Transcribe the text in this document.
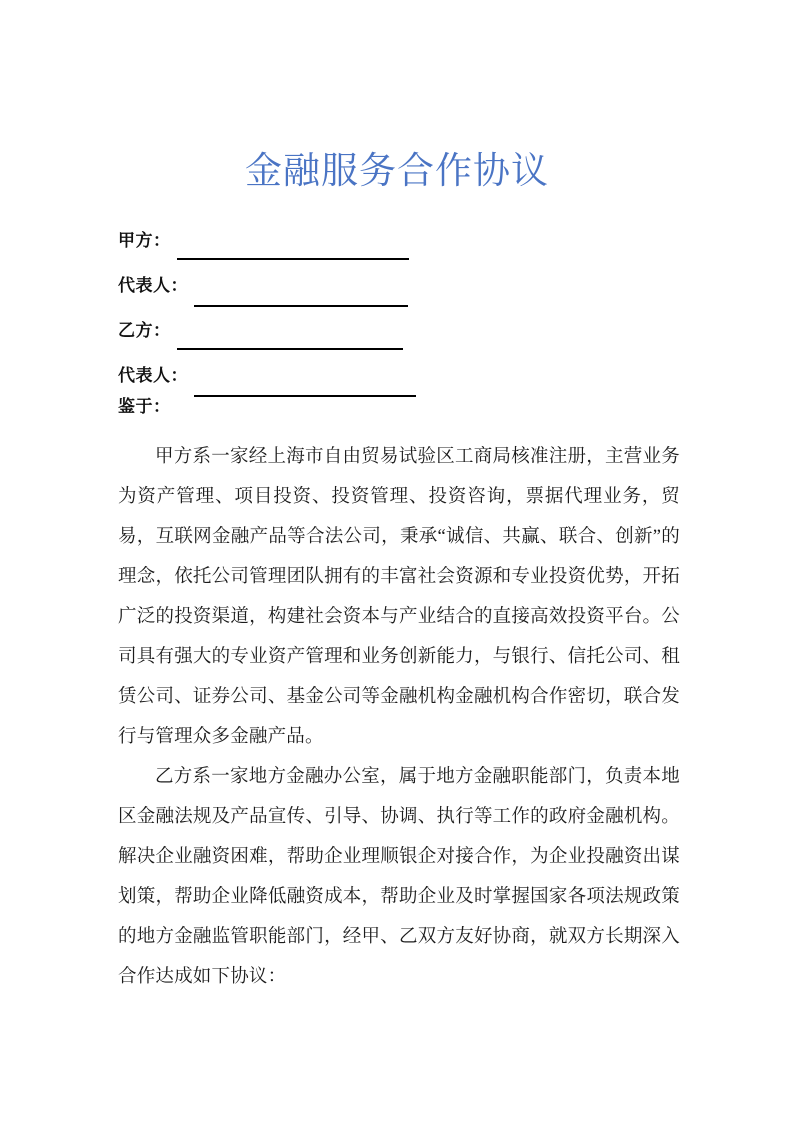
金融服务合作协议
甲方：
代表人：
乙方：
代表人：
鉴于：

甲方系一家经上海市自由贸易试验区工商局核准注册，主营业务为资产管理、项目投资、投资管理、投资咨询，票据代理业务，贸易，互联网金融产品等合法公司，秉承“诚信、共赢、联合、创新”的理念，依托公司管理团队拥有的丰富社会资源和专业投资优势，开拓广泛的投资渠道，构建社会资本与产业结合的直接高效投资平台。公司具有强大的专业资产管理和业务创新能力，与银行、信托公司、租赁公司、证券公司、基金公司等金融机构金融机构合作密切，联合发行与管理众多金融产品。

乙方系一家地方金融办公室，属于地方金融职能部门，负责本地区金融法规及产品宣传、引导、协调、执行等工作的政府金融机构。解决企业融资困难，帮助企业理顺银企对接合作，为企业投融资出谋划策，帮助企业降低融资成本，帮助企业及时掌握国家各项法规政策的地方金融监管职能部门，经甲、乙双方友好协商，就双方长期深入合作达成如下协议：
